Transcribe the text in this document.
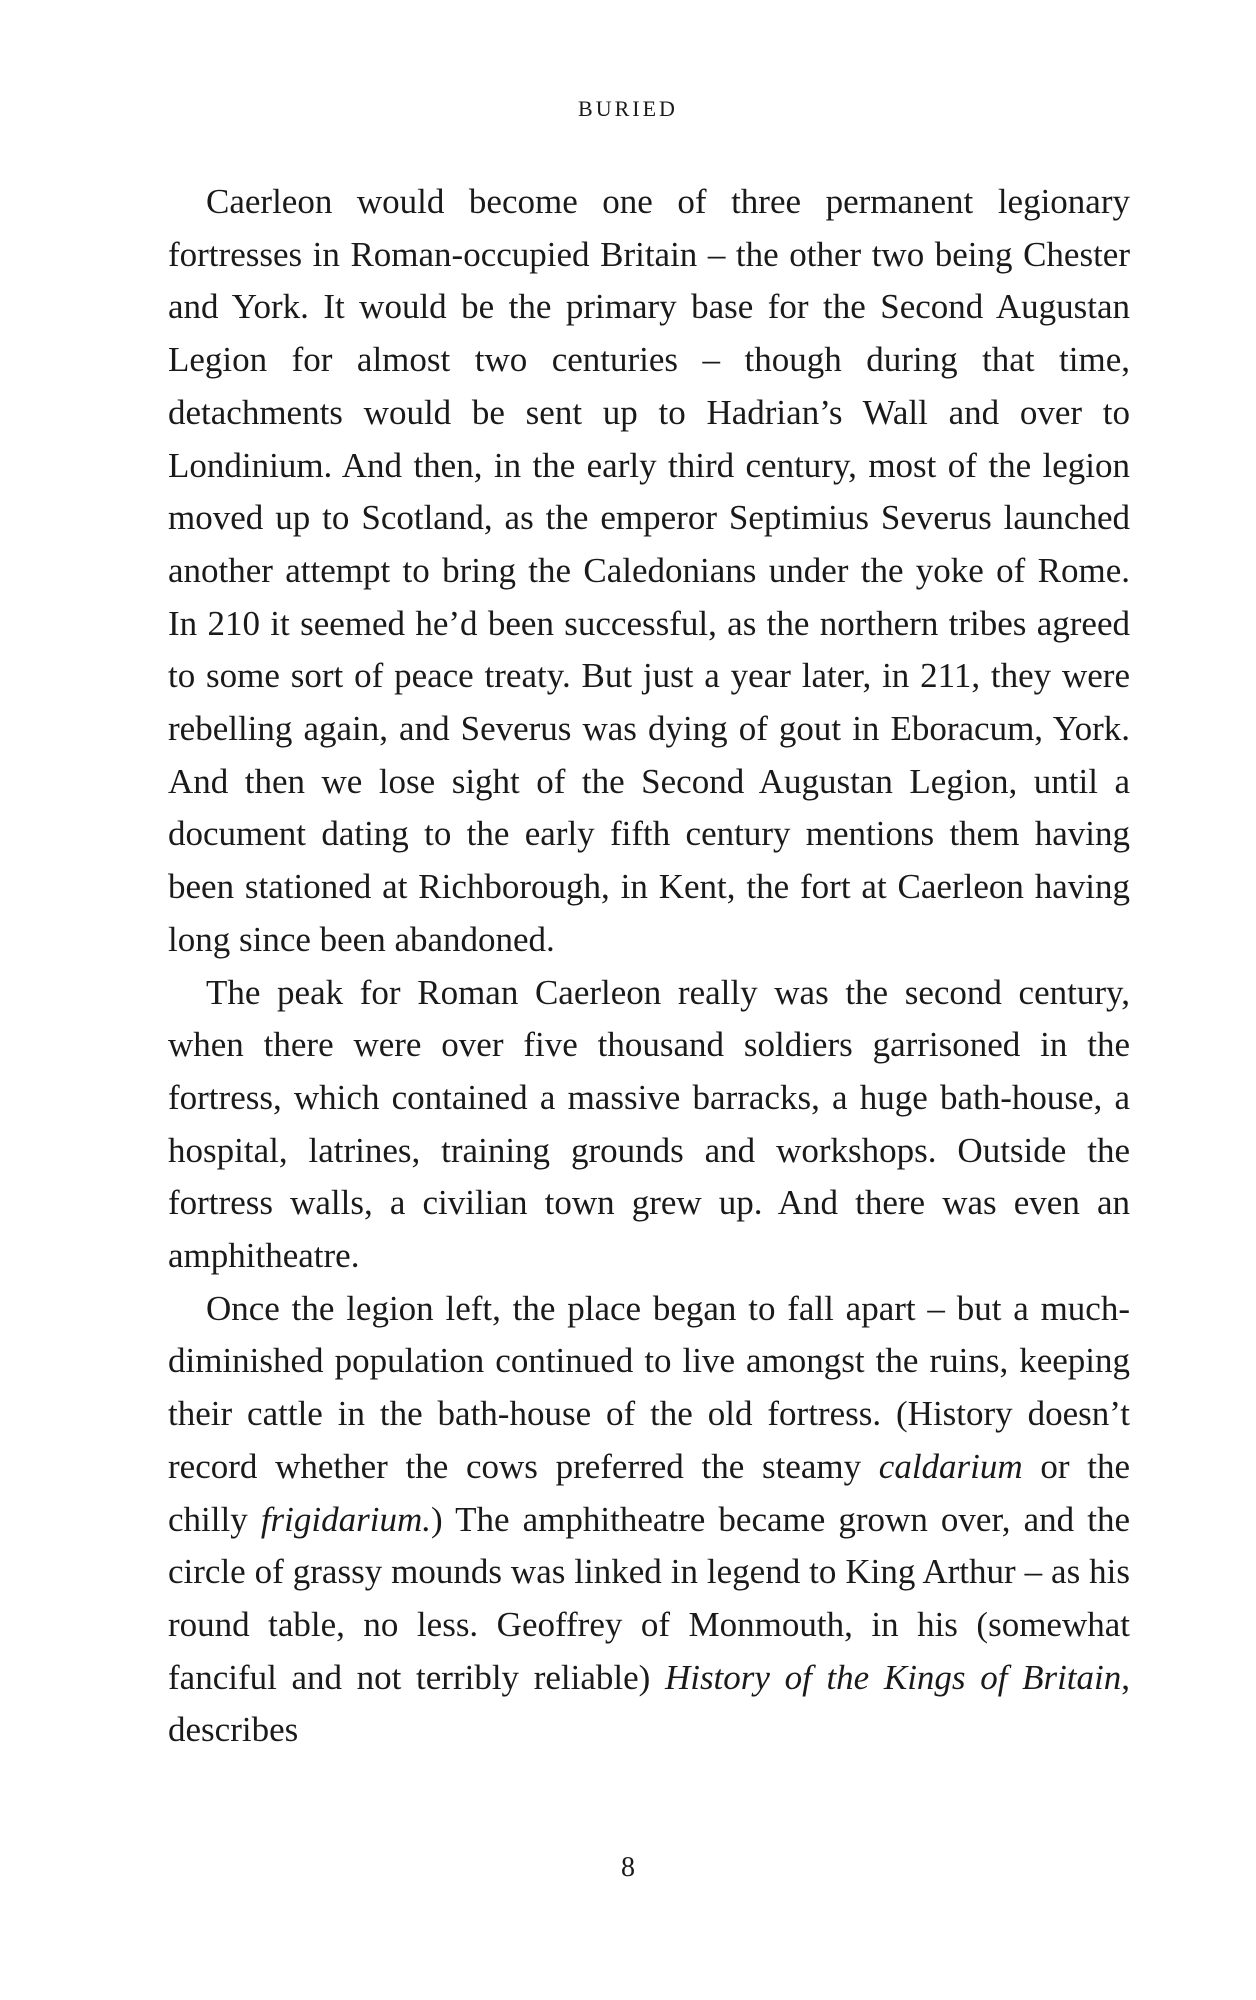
BURIED

Caerleon would become one of three permanent legionary fortresses in Roman-occupied Britain – the other two being Chester and York. It would be the primary base for the Second Augustan Legion for almost two centuries – though during that time, detachments would be sent up to Hadrian’s Wall and over to Londinium. And then, in the early third century, most of the legion moved up to Scotland, as the emperor Septimius Severus launched another attempt to bring the Caledonians under the yoke of Rome. In 210 it seemed he’d been successful, as the northern tribes agreed to some sort of peace treaty. But just a year later, in 211, they were rebelling again, and Severus was dying of gout in Eboracum, York. And then we lose sight of the Second Augustan Legion, until a document dating to the early fifth century mentions them having been stationed at Richborough, in Kent, the fort at Caerleon having long since been abandoned.

The peak for Roman Caerleon really was the second century, when there were over five thousand soldiers garrisoned in the fortress, which contained a massive barracks, a huge bath-house, a hospital, latrines, training grounds and workshops. Outside the fortress walls, a civilian town grew up. And there was even an amphitheatre.

Once the legion left, the place began to fall apart – but a much-diminished population continued to live amongst the ruins, keeping their cattle in the bath-house of the old fortress. (History doesn’t record whether the cows preferred the steamy caldarium or the chilly frigidarium.) The amphitheatre became grown over, and the circle of grassy mounds was linked in legend to King Arthur – as his round table, no less. Geoffrey of Monmouth, in his (somewhat fanciful and not terribly reliable) History of the Kings of Britain, describes

8
